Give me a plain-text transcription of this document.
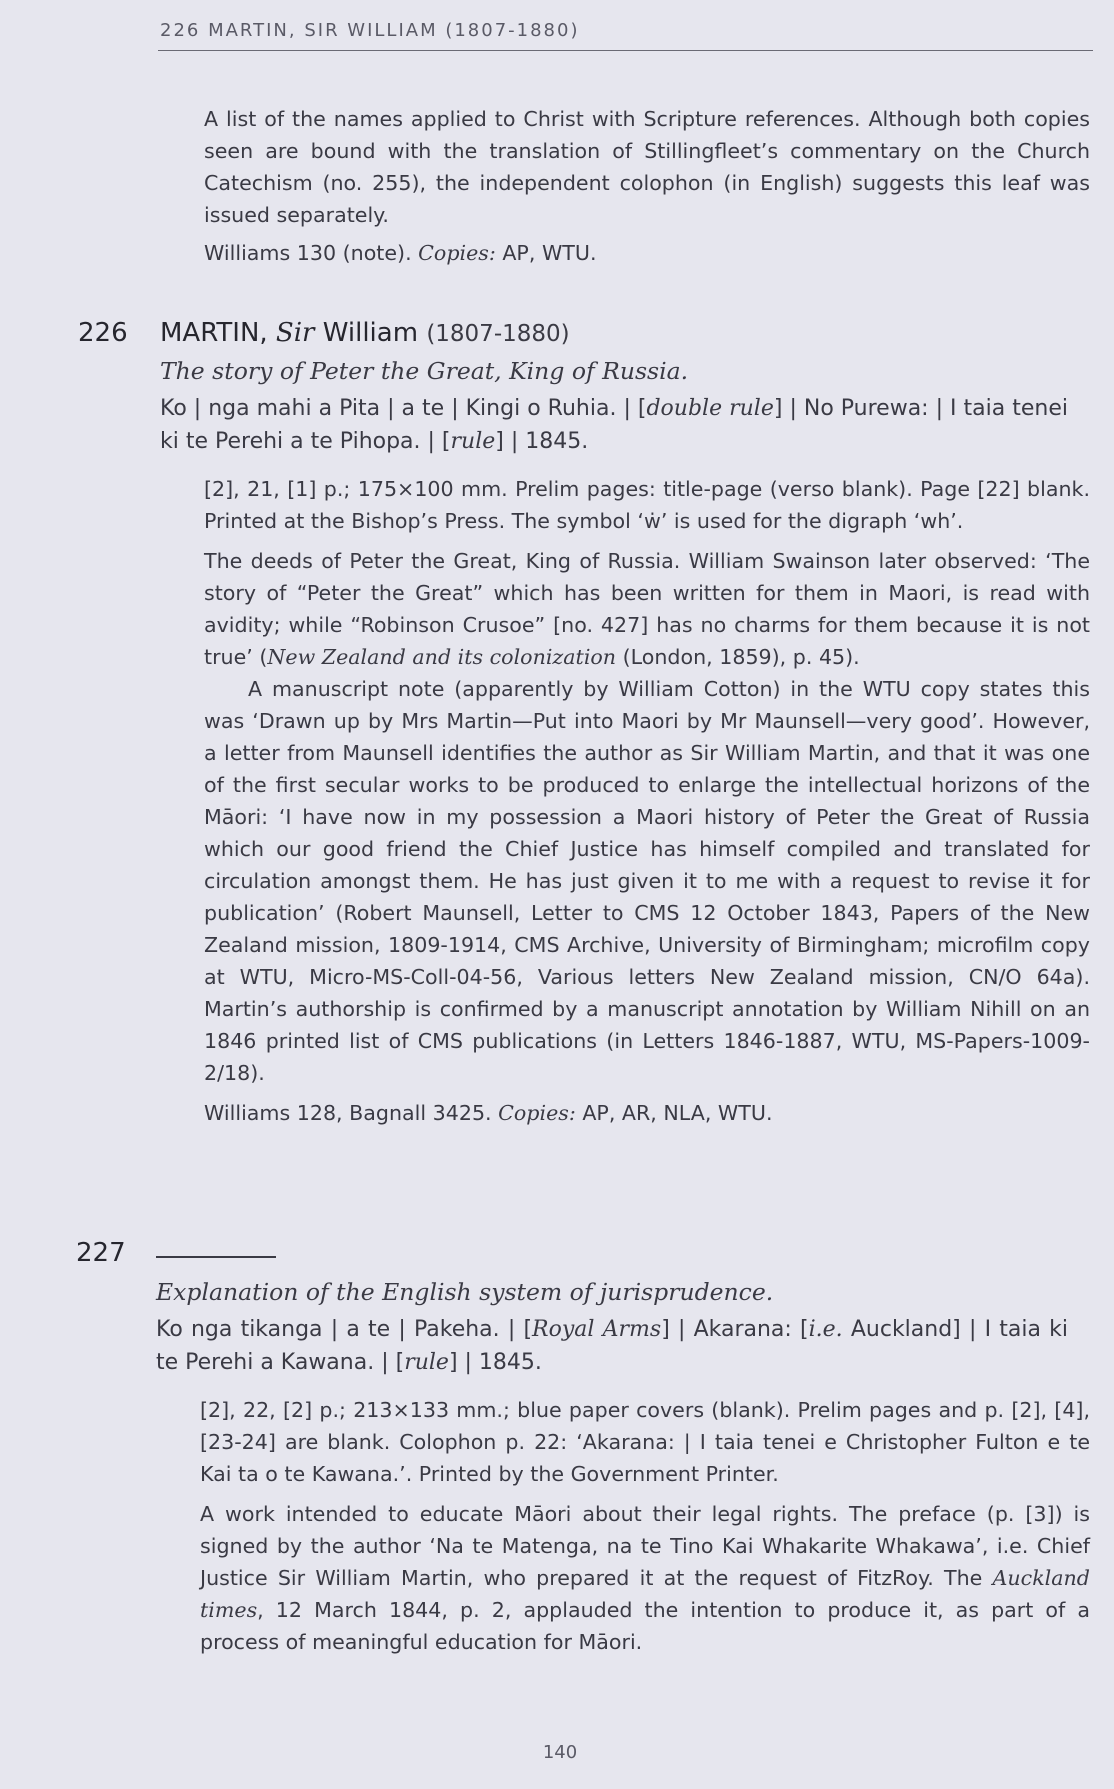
226 MARTIN, SIR WILLIAM (1807-1880)

A list of the names applied to Christ with Scripture references. Although both copies seen are bound with the translation of Stillingfleet’s commentary on the Church Catechism (no. 255), the independent colophon (in English) suggests this leaf was issued separately.

Williams 130 (note). Copies: AP, WTU.

226 MARTIN, Sir William (1807-1880)
The story of Peter the Great, King of Russia.

Ko | nga mahi a Pita | a te | Kingi o Ruhia. | [double rule] | No Purewa: | I taia tenei ki te Perehi a te Pihopa. | [rule] | 1845.

[2], 21, [1] p.; 175×100 mm. Prelim pages: title-page (verso blank). Page [22] blank. Printed at the Bishop’s Press. The symbol ‘ẇ’ is used for the digraph ‘wh’.

The deeds of Peter the Great, King of Russia. William Swainson later observed: ‘The story of “Peter the Great” which has been written for them in Maori, is read with avidity; while “Robinson Crusoe” [no. 427] has no charms for them because it is not true’ (New Zealand and its colonization (London, 1859), p. 45).

A manuscript note (apparently by William Cotton) in the WTU copy states this was ‘Drawn up by Mrs Martin—Put into Maori by Mr Maunsell—very good’. However, a letter from Maunsell identifies the author as Sir William Martin, and that it was one of the first secular works to be produced to enlarge the intellectual horizons of the Māori: ‘I have now in my possession a Maori history of Peter the Great of Russia which our good friend the Chief Justice has himself compiled and translated for circulation amongst them. He has just given it to me with a request to revise it for publication’ (Robert Maunsell, Letter to CMS 12 October 1843, Papers of the New Zealand mission, 1809-1914, CMS Archive, University of Birmingham; microfilm copy at WTU, Micro-MS-Coll-04-56, Various letters New Zealand mission, CN/O 64a). Martin’s authorship is confirmed by a manuscript annotation by William Nihill on an 1846 printed list of CMS publications (in Letters 1846-1887, WTU, MS-Papers-1009-2/18).

Williams 128, Bagnall 3425. Copies: AP, AR, NLA, WTU.

227
Explanation of the English system of jurisprudence.

Ko nga tikanga | a te | Pakeha. | [Royal Arms] | Akarana: [i.e. Auckland] | I taia ki te Perehi a Kawana. | [rule] | 1845.

[2], 22, [2] p.; 213×133 mm.; blue paper covers (blank). Prelim pages and p. [2], [4], [23-24] are blank. Colophon p. 22: ‘Akarana: | I taia tenei e Christopher Fulton e te Kai ta o te Kawana.’. Printed by the Government Printer.

A work intended to educate Māori about their legal rights. The preface (p. [3]) is signed by the author ‘Na te Matenga, na te Tino Kai Whakarite Whakawa’, i.e. Chief Justice Sir William Martin, who prepared it at the request of FitzRoy. The Auckland times, 12 March 1844, p. 2, applauded the intention to produce it, as part of a process of meaningful education for Māori.

140
